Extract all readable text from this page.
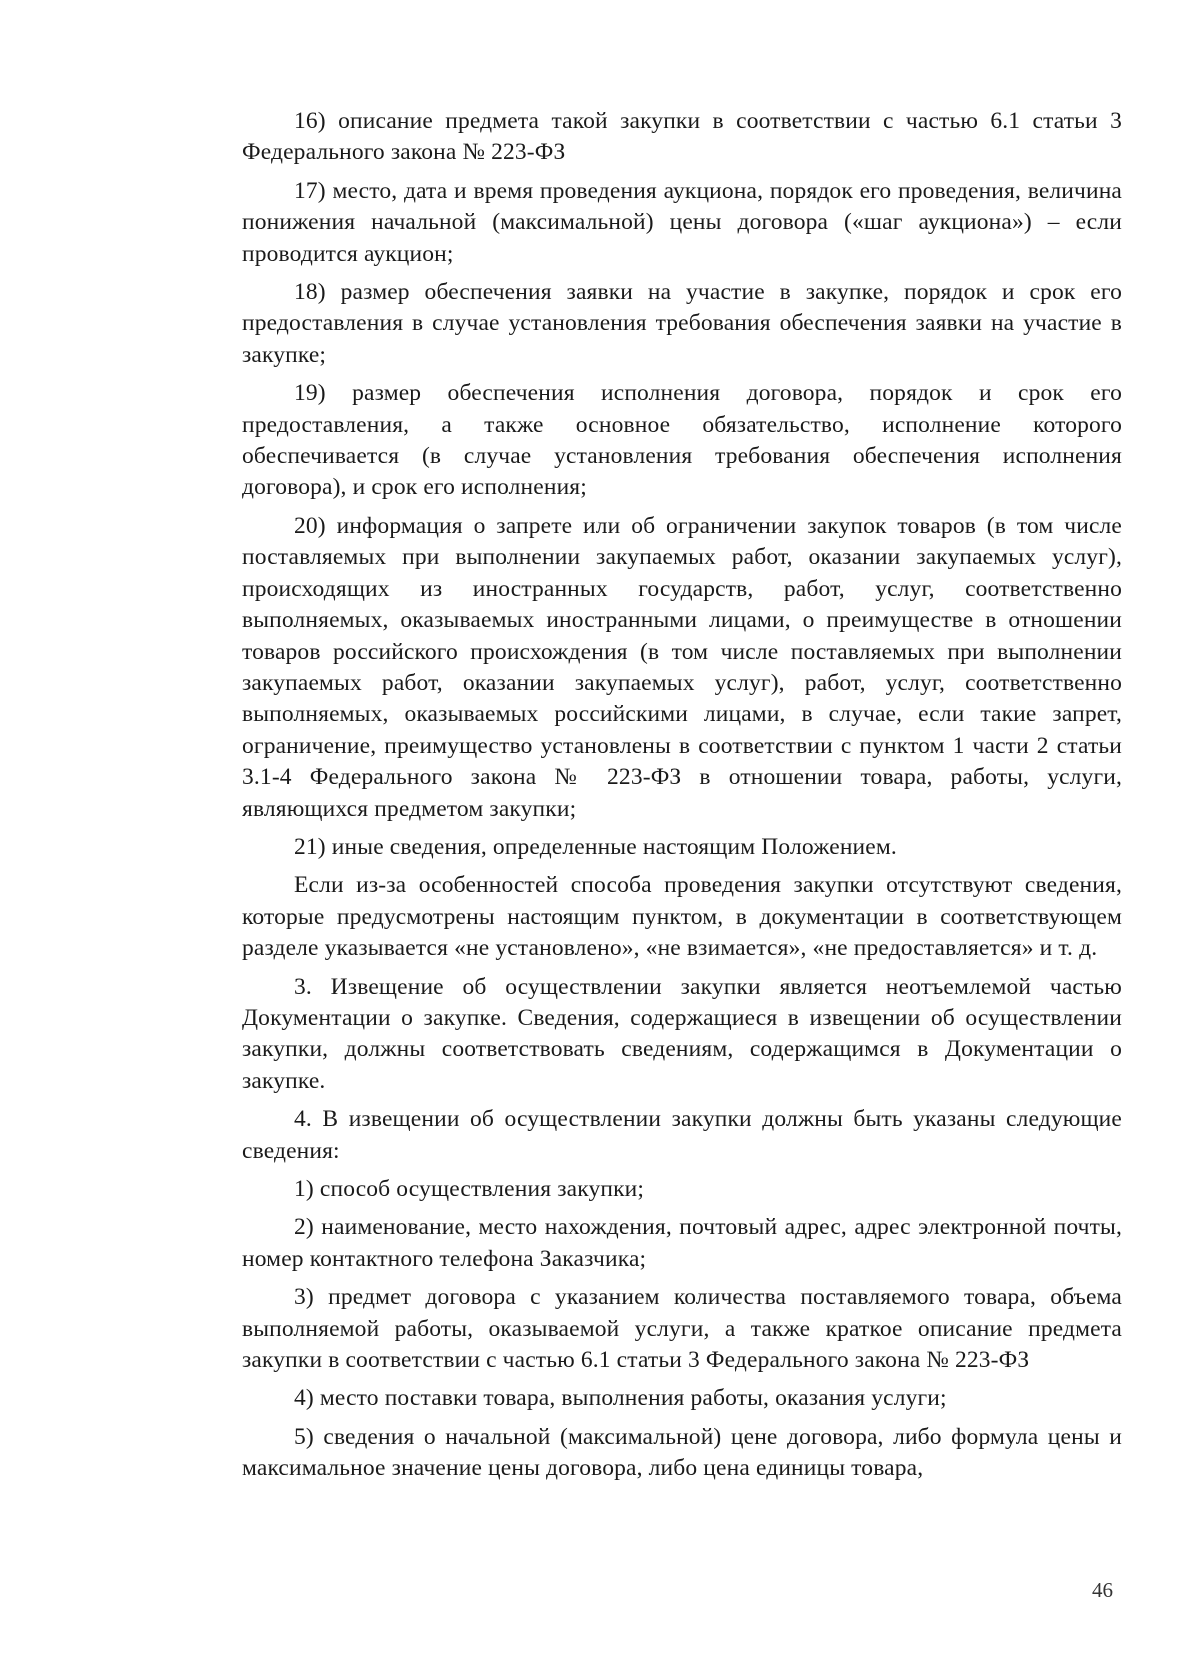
16) описание предмета такой закупки в соответствии с частью 6.1 статьи 3 Федерального закона № 223-ФЗ

17) место, дата и время проведения аукциона, порядок его проведения, величина понижения начальной (максимальной) цены договора («шаг аукциона») – если проводится аукцион;

18) размер обеспечения заявки на участие в закупке, порядок и срок его предоставления в случае установления требования обеспечения заявки на участие в закупке;

19) размер обеспечения исполнения договора, порядок и срок его предоставления, а также основное обязательство, исполнение которого обеспечивается (в случае установления требования обеспечения исполнения договора), и срок его исполнения;

20) информация о запрете или об ограничении закупок товаров (в том числе поставляемых при выполнении закупаемых работ, оказании закупаемых услуг), происходящих из иностранных государств, работ, услуг, соответственно выполняемых, оказываемых иностранными лицами, о преимуществе в отношении товаров российского происхождения (в том числе поставляемых при выполнении закупаемых работ, оказании закупаемых услуг), работ, услуг, соответственно выполняемых, оказываемых российскими лицами, в случае, если такие запрет, ограничение, преимущество установлены в соответствии с пунктом 1 части 2 статьи 3.1-4 Федерального закона № 223-ФЗ в отношении товара, работы, услуги, являющихся предметом закупки;

21) иные сведения, определенные настоящим Положением.

Если из-за особенностей способа проведения закупки отсутствуют сведения, которые предусмотрены настоящим пунктом, в документации в соответствующем разделе указывается «не установлено», «не взимается», «не предоставляется» и т. д.

3. Извещение об осуществлении закупки является неотъемлемой частью Документации о закупке. Сведения, содержащиеся в извещении об осуществлении закупки, должны соответствовать сведениям, содержащимся в Документации о закупке.

4. В извещении об осуществлении закупки должны быть указаны следующие сведения:

1) способ осуществления закупки;

2) наименование, место нахождения, почтовый адрес, адрес электронной почты, номер контактного телефона Заказчика;

3) предмет договора с указанием количества поставляемого товара, объема выполняемой работы, оказываемой услуги, а также краткое описание предмета закупки в соответствии с частью 6.1 статьи 3 Федерального закона № 223-ФЗ

4) место поставки товара, выполнения работы, оказания услуги;

5) сведения о начальной (максимальной) цене договора, либо формула цены и максимальное значение цены договора, либо цена единицы товара,

46
